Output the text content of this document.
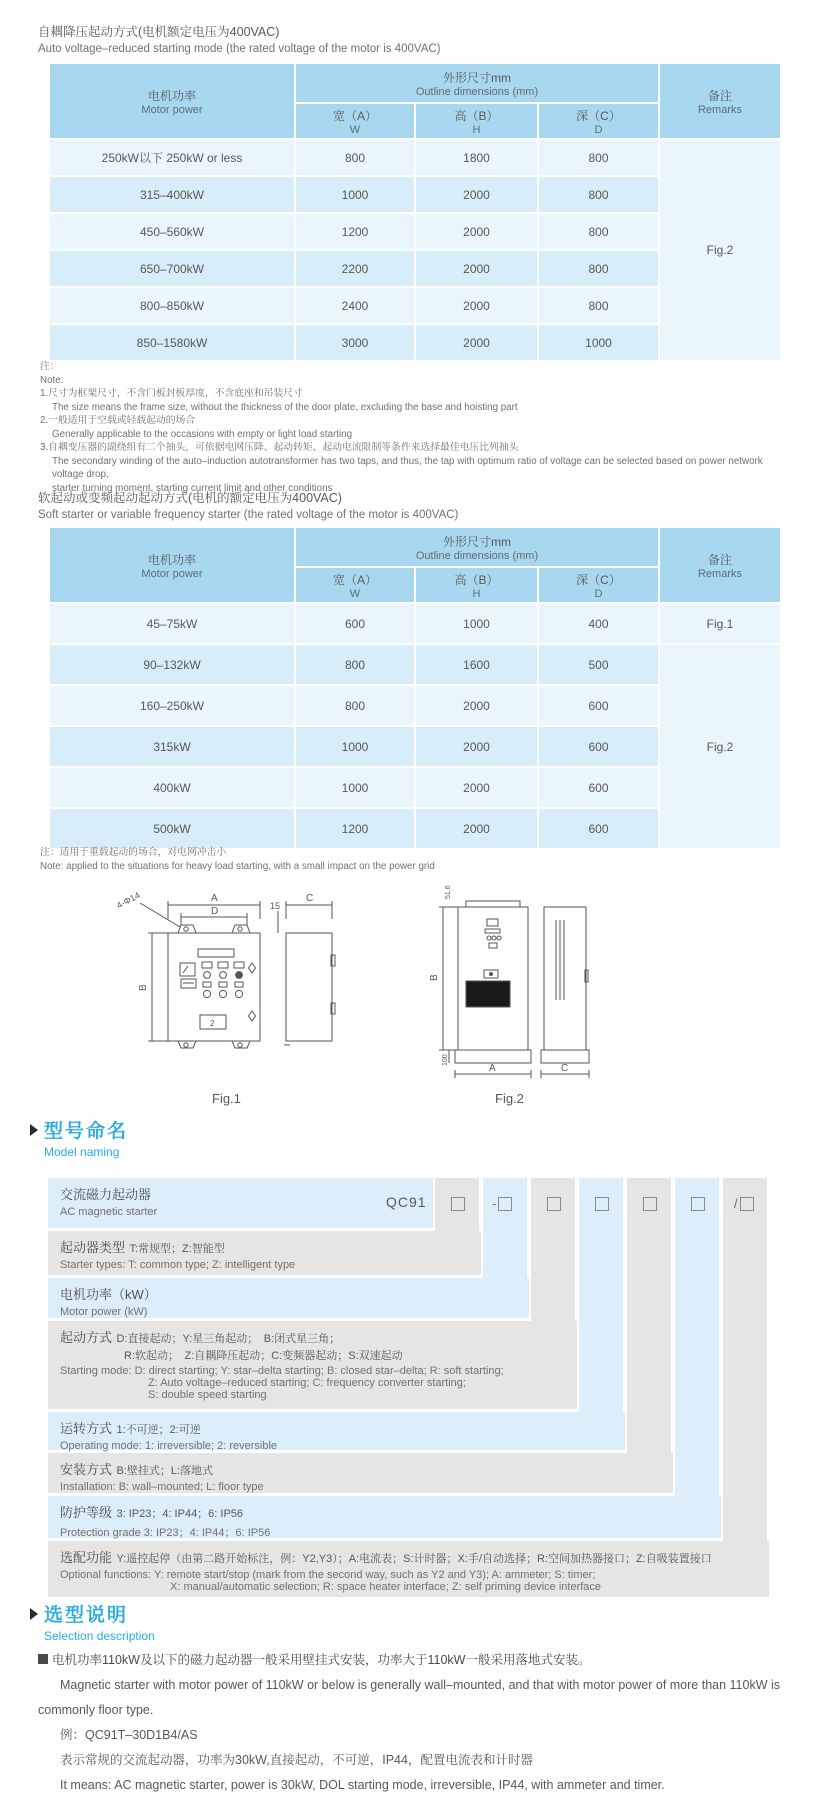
自耦降压起动方式(电机额定电压为400VAC)
Auto voltage–reduced starting mode (the rated voltage of the motor is 400VAC)
电机功率
Motor power

外形尺寸mm
Outline dimensions (mm)	备注
Remarks

宽（A）
W

高（B）
H

深（C）
D

250kW以下 250kW or less	800	1800	800	Fig.2
315–400kW	1000	2000	800	
450–560kW	1200	2000	800	
650–700kW	2200	2000	800	
800–850kW	2400	2000	800	
850–1580kW	3000	2000	1000	
注：
Note:
1.尺寸为框架尺寸，不含门板封板厚度，不含底座和吊装尺寸
The size means the frame size, without the thickness of the door plate, excluding the base and hoisting part
2.一般适用于空载或轻载起动的场合
Generally applicable to the occasions with empty or light load starting
3.自耦变压器的副绕组有二个抽头，可依据电网压降、起动转矩、起动电流限制等条件来选择最佳电压比列抽头
The secondary winding of the auto–induction autotransformer has two taps, and thus, the tap with optimum ratio of voltage can be selected based on power network voltage drop,
starter turning moment, starting current limit and other conditions
软起动或变频起动起动方式(电机的额定电压为400VAC)
Soft starter or variable frequency starter (the rated voltage of the motor is 400VAC)
电机功率
Motor power

外形尺寸mm
Outline dimensions (mm)	备注
Remarks

宽（A）
W

高（B）
H

深（C）
D

45–75kW	600	1000	400	Fig.1
90–132kW	800	1600	500	Fig.2
160–250kW	800	2000	600	
315kW	1000	2000	600	
400kW	1000	2000	600	
500kW	1200	2000	600	
注：适用于重载起动的场合，对电网冲击小
Note: applied to the situations for heavy load starting, with a small impact on the power grid
A
D
4-Φ14
B
15
C
2
51.6
B
100
A	C
Fig.1	Fig.2
型号命名
Model naming
交流磁力起动器
AC magnetic starter
QC91	-	/
起动器类型 T:常规型；Z:智能型
Starter types: T: common type; Z: intelligent type
电机功率（kW）
Motor power (kW)
起动方式 D:直接起动；Y:星三角起动；　B:闭式星三角；
R:软起动；　Z:自耦降压起动；C:变频器起动；S:双速起动
Starting mode: D: direct starting; Y: star–delta starting; B: closed star–delta; R: soft starting;
Z: Auto voltage–reduced starting; C: frequency converter starting;
S: double speed starting
运转方式 1:不可逆；2:可逆
Operating mode: 1: irreversible; 2: reversible
安装方式 B:壁挂式；L:落地式
Installation: B: wall–mounted; L: floor type
防护等级 3: IP23；4: IP44；6: IP56
Protection grade 3: IP23；4: IP44；6: IP56
选配功能 Y:遥控起停（由第二路开始标注，例：Y2,Y3）；A:电流表；S:计时器；X:手/自动选择；R:空间加热器接口；Z:自吸装置接口
Optional functions: Y: remote start/stop (mark from the second way, such as Y2 and Y3); A: ammeter; S: timer;
X: manual/automatic selection; R: space heater interface; Z: self priming device interface
选型说明
Selection description
电机功率110kW及以下的磁力起动器一般采用壁挂式安装，功率大于110kW一般采用落地式安装。
Magnetic starter with motor power of 110kW or below is generally wall–mounted, and that with motor power of more than 110kW is
commonly floor type.
例：QC91T–30D1B4/AS
表示常规的交流起动器，功率为30kW,直接起动，不可逆，IP44，配置电流表和计时器
It means: AC magnetic starter, power is 30kW, DOL starting mode, irreversible, IP44, with ammeter and timer.
